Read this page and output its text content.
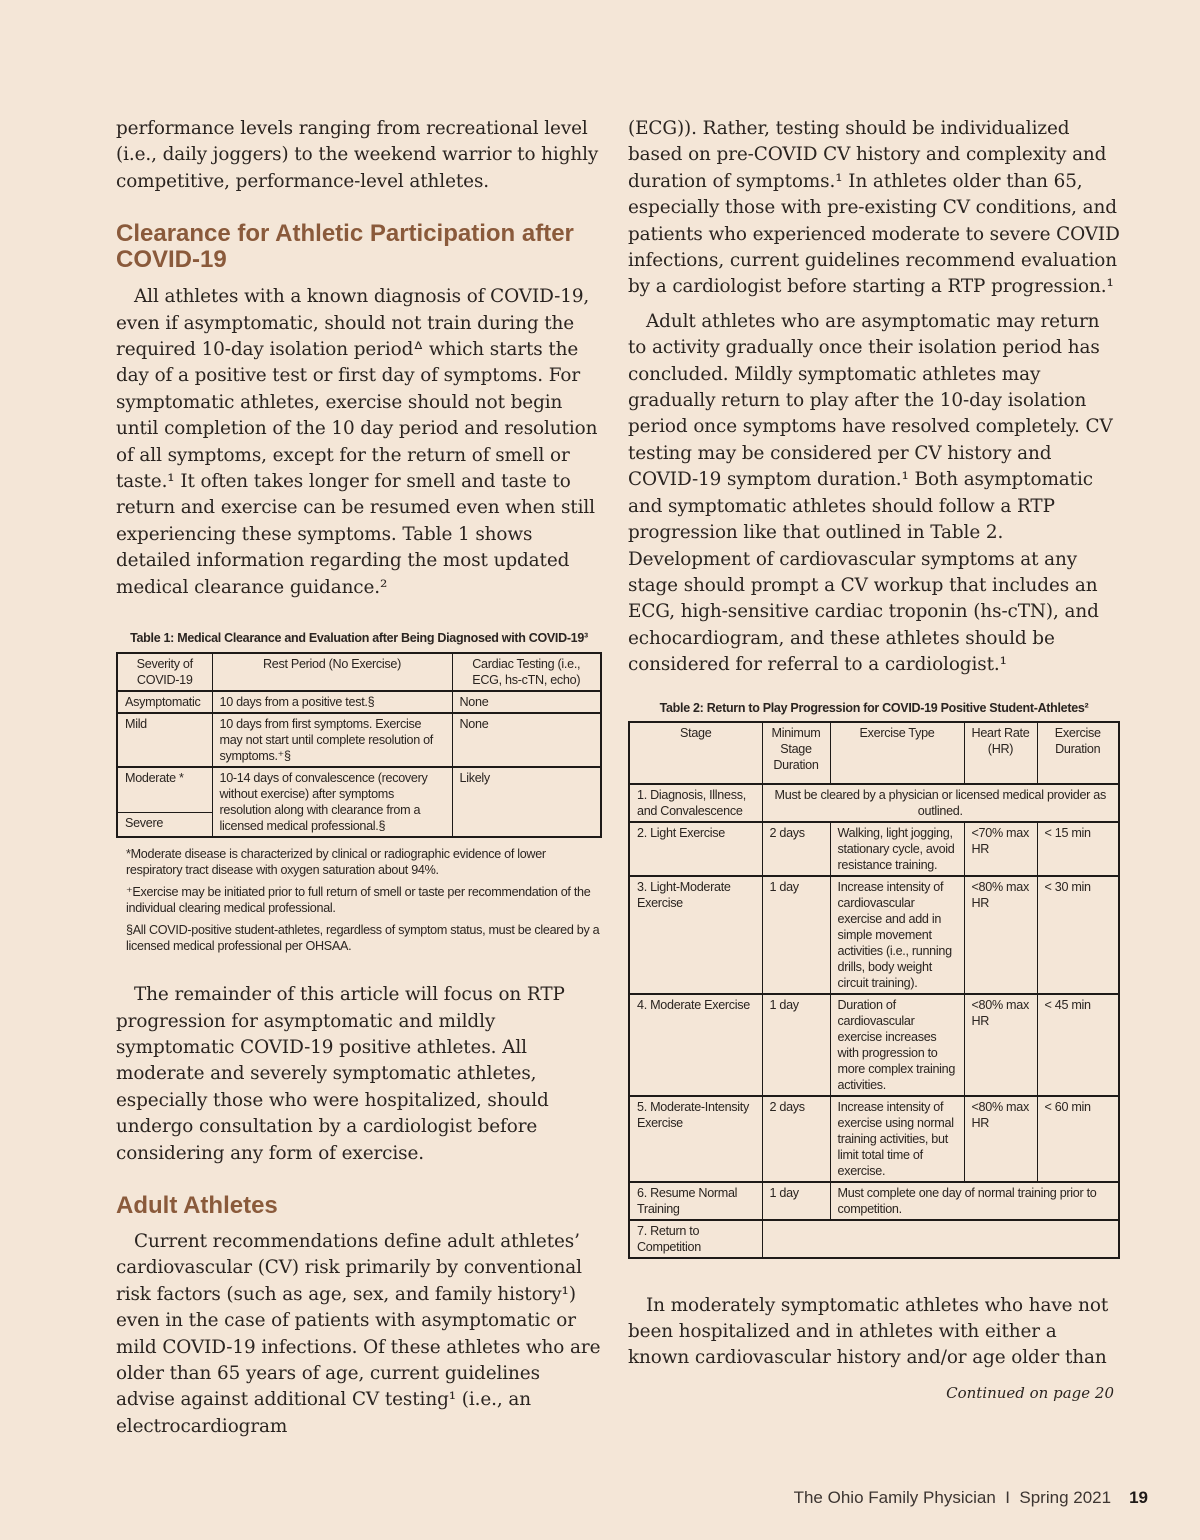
performance levels ranging from recreational level (i.e., daily joggers) to the weekend warrior to highly competitive, performance-level athletes.

Clearance for Athletic Participation after COVID-19

All athletes with a known diagnosis of COVID-19, even if asymptomatic, should not train during the required 10-day isolation periodᐞ which starts the day of a positive test or first day of symptoms. For symptomatic athletes, exercise should not begin until completion of the 10 day period and resolution of all symptoms, except for the return of smell or taste.¹ It often takes longer for smell and taste to return and exercise can be resumed even when still experiencing these symptoms. Table 1 shows detailed information regarding the most updated medical clearance guidance.²

Table 1: Medical Clearance and Evaluation after Being Diagnosed with COVID-19³
Severity of COVID-19	Rest Period (No Exercise)	Cardiac Testing (i.e., ECG, hs-cTN, echo)
Asymptomatic	10 days from a positive test.§	None
Mild	10 days from first symptoms. Exercise may not start until complete resolution of symptoms.⁺§	None
Moderate *	10-14 days of convalescence (recovery without exercise) after symptoms resolution along with clearance from a licensed medical professional.§	Likely
Severe		

*Moderate disease is characterized by clinical or radiographic evidence of lower respiratory tract disease with oxygen saturation about 94%.

⁺Exercise may be initiated prior to full return of smell or taste per recommendation of the individual clearing medical professional.

§All COVID-positive student-athletes, regardless of symptom status, must be cleared by a licensed medical professional per OHSAA.

The remainder of this article will focus on RTP progression for asymptomatic and mildly symptomatic COVID-19 positive athletes. All moderate and severely symptomatic athletes, especially those who were hospitalized, should undergo consultation by a cardiologist before considering any form of exercise.

Adult Athletes

Current recommendations define adult athletes’ cardiovascular (CV) risk primarily by conventional risk factors (such as age, sex, and family history¹) even in the case of patients with asymptomatic or mild COVID-19 infections. Of these athletes who are older than 65 years of age, current guidelines advise against additional CV testing¹ (i.e., an electrocardiogram

(ECG)). Rather, testing should be individualized based on pre-COVID CV history and complexity and duration of symptoms.¹ In athletes older than 65, especially those with pre-existing CV conditions, and patients who experienced moderate to severe COVID infections, current guidelines recommend evaluation by a cardiologist before starting a RTP progression.¹

Adult athletes who are asymptomatic may return to activity gradually once their isolation period has concluded. Mildly symptomatic athletes may gradually return to play after the 10-day isolation period once symptoms have resolved completely. CV testing may be considered per CV history and COVID-19 symptom duration.¹ Both asymptomatic and symptomatic athletes should follow a RTP progression like that outlined in Table 2. Development of cardiovascular symptoms at any stage should prompt a CV workup that includes an ECG, high-sensitive cardiac troponin (hs-cTN), and echocardiogram, and these athletes should be considered for referral to a cardiologist.¹

Table 2: Return to Play Progression for COVID-19 Positive Student-Athletes²
Stage	Minimum Stage Duration	Exercise Type	Heart Rate (HR)	Exercise Duration
1. Diagnosis, Illness, and Convalescence	Must be cleared by a physician or licensed medical provider as outlined.			
2. Light Exercise	2 days	Walking, light jogging, stationary cycle, avoid resistance training.	<70% max HR	< 15 min
3. Light-Moderate Exercise	1 day	Increase intensity of cardiovascular exercise and add in simple movement activities (i.e., running drills, body weight circuit training).	<80% max HR	< 30 min
4. Moderate Exercise	1 day	Duration of cardiovascular exercise increases with progression to more complex training activities.	<80% max HR	< 45 min
5. Moderate-Intensity Exercise	2 days	Increase intensity of exercise using normal training activities, but limit total time of exercise.	<80% max HR	< 60 min
6. Resume Normal Training	1 day	Must complete one day of normal training prior to competition.		
7. Return to Competition				

In moderately symptomatic athletes who have not been hospitalized and in athletes with either a known cardiovascular history and/or age older than

Continued on page 20
The Ohio Family Physician  I  Spring 2021 19
